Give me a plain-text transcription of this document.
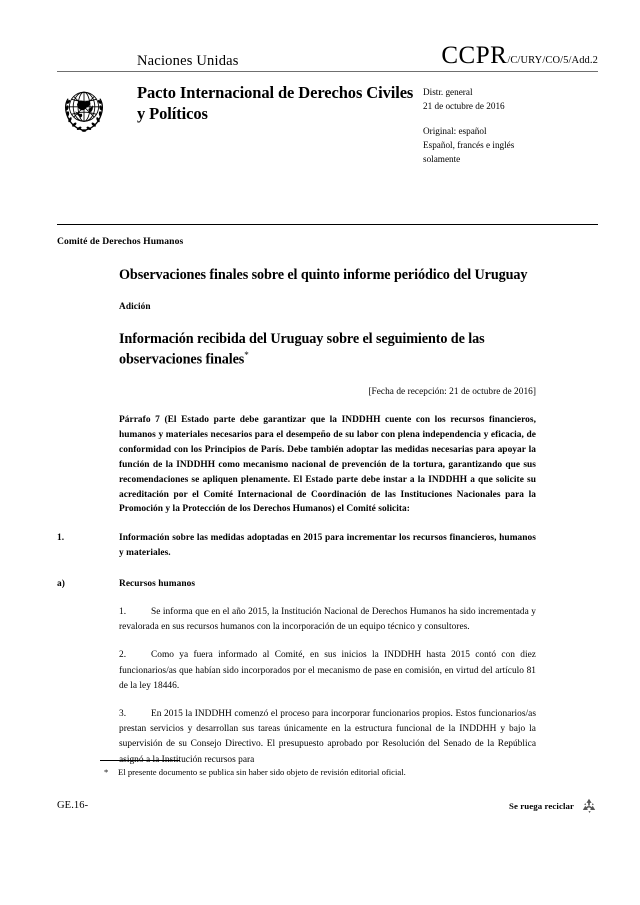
Naciones Unidas	CCPR /C/URY/CO/5/Add.2
Pacto Internacional de Derechos Civiles y Políticos
Distr. general
21 de octubre de 2016
Original: español
Español, francés e inglés
solamente
Comité de Derechos Humanos
Observaciones finales sobre el quinto informe periódico del Uruguay
Adición
Información recibida del Uruguay sobre el seguimiento de las observaciones finales*
[Fecha de recepción: 21 de octubre de 2016]
Párrafo 7 (El Estado parte debe garantizar que la INDDHH cuente con los recursos financieros, humanos y materiales necesarios para el desempeño de su labor con plena independencia y eficacia, de conformidad con los Principios de París. Debe también adoptar las medidas necesarias para apoyar la función de la INDDHH como mecanismo nacional de prevención de la tortura, garantizando que sus recomendaciones se apliquen plenamente. El Estado parte debe instar a la INDDHH a que solicite su acreditación por el Comité Internacional de Coordinación de las Instituciones Nacionales para la Promoción y la Protección de los Derechos Humanos) el Comité solicita:
1.	Información sobre las medidas adoptadas en 2015 para incrementar los recursos financieros, humanos y materiales.
a)	Recursos humanos

1.	Se informa que en el año 2015, la Institución Nacional de Derechos Humanos ha sido incrementada y revalorada en sus recursos humanos con la incorporación de un equipo técnico y consultores.

2.	Como ya fuera informado al Comité, en sus inicios la INDDHH hasta 2015 contó con diez funcionarios/as que habían sido incorporados por el mecanismo de pase en comisión, en virtud del artículo 81 de la ley 18446.

3.	En 2015 la INDDHH comenzó el proceso para incorporar funcionarios propios. Estos funcionarios/as prestan servicios y desarrollan sus tareas únicamente en la estructura funcional de la INDDHH y bajo la supervisión de su Consejo Directivo. El presupuesto aprobado por Resolución del Senado de la República asignó a la Institución recursos para

* El presente documento se publica sin haber sido objeto de revisión editorial oficial.
GE.16-	Se ruega reciclar
